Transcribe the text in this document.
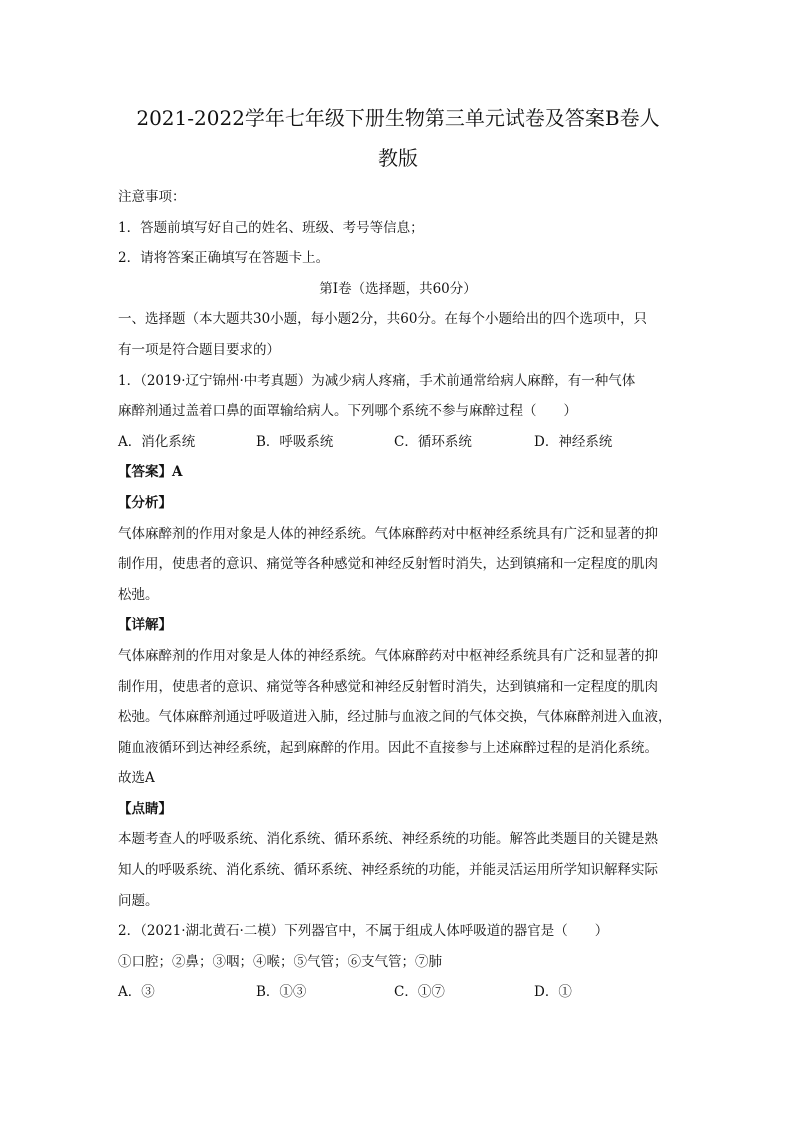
2021-2022学年七年级下册生物第三单元试卷及答案B卷人
教版
注意事项：
1．答题前填写好自己的姓名、班级、考号等信息；
2．请将答案正确填写在答题卡上。
第I卷（选择题，共60分）
一、选择题（本大题共30小题，每小题2分，共60分。在每个小题给出的四个选项中，只
有一项是符合题目要求的）
1．（2019·辽宁锦州·中考真题）为减少病人疼痛，手术前通常给病人麻醉，有一种气体
麻醉剂通过盖着口鼻的面罩输给病人。下列哪个系统不参与麻醉过程（　　）
A．消化系统	B．呼吸系统	C．循环系统	D．神经系统
【答案】A
【分析】
气体麻醉剂的作用对象是人体的神经系统。气体麻醉药对中枢神经系统具有广泛和显著的抑
制作用，使患者的意识、痛觉等各种感觉和神经反射暂时消失，达到镇痛和一定程度的肌肉
松弛。
【详解】
气体麻醉剂的作用对象是人体的神经系统。气体麻醉药对中枢神经系统具有广泛和显著的抑
制作用，使患者的意识、痛觉等各种感觉和神经反射暂时消失，达到镇痛和一定程度的肌肉
松弛。气体麻醉剂通过呼吸道进入肺，经过肺与血液之间的气体交换，气体麻醉剂进入血液，
随血液循环到达神经系统，起到麻醉的作用。因此不直接参与上述麻醉过程的是消化系统。
故选A
【点睛】
本题考查人的呼吸系统、消化系统、循环系统、神经系统的功能。解答此类题目的关键是熟
知人的呼吸系统、消化系统、循环系统、神经系统的功能，并能灵活运用所学知识解释实际
问题。
2．（2021·湖北黄石·二模）下列器官中，不属于组成人体呼吸道的器官是（　　）
①口腔；②鼻；③咽；④喉；⑤气管；⑥支气管；⑦肺
A．③	B．①③	C．①⑦	D．①
